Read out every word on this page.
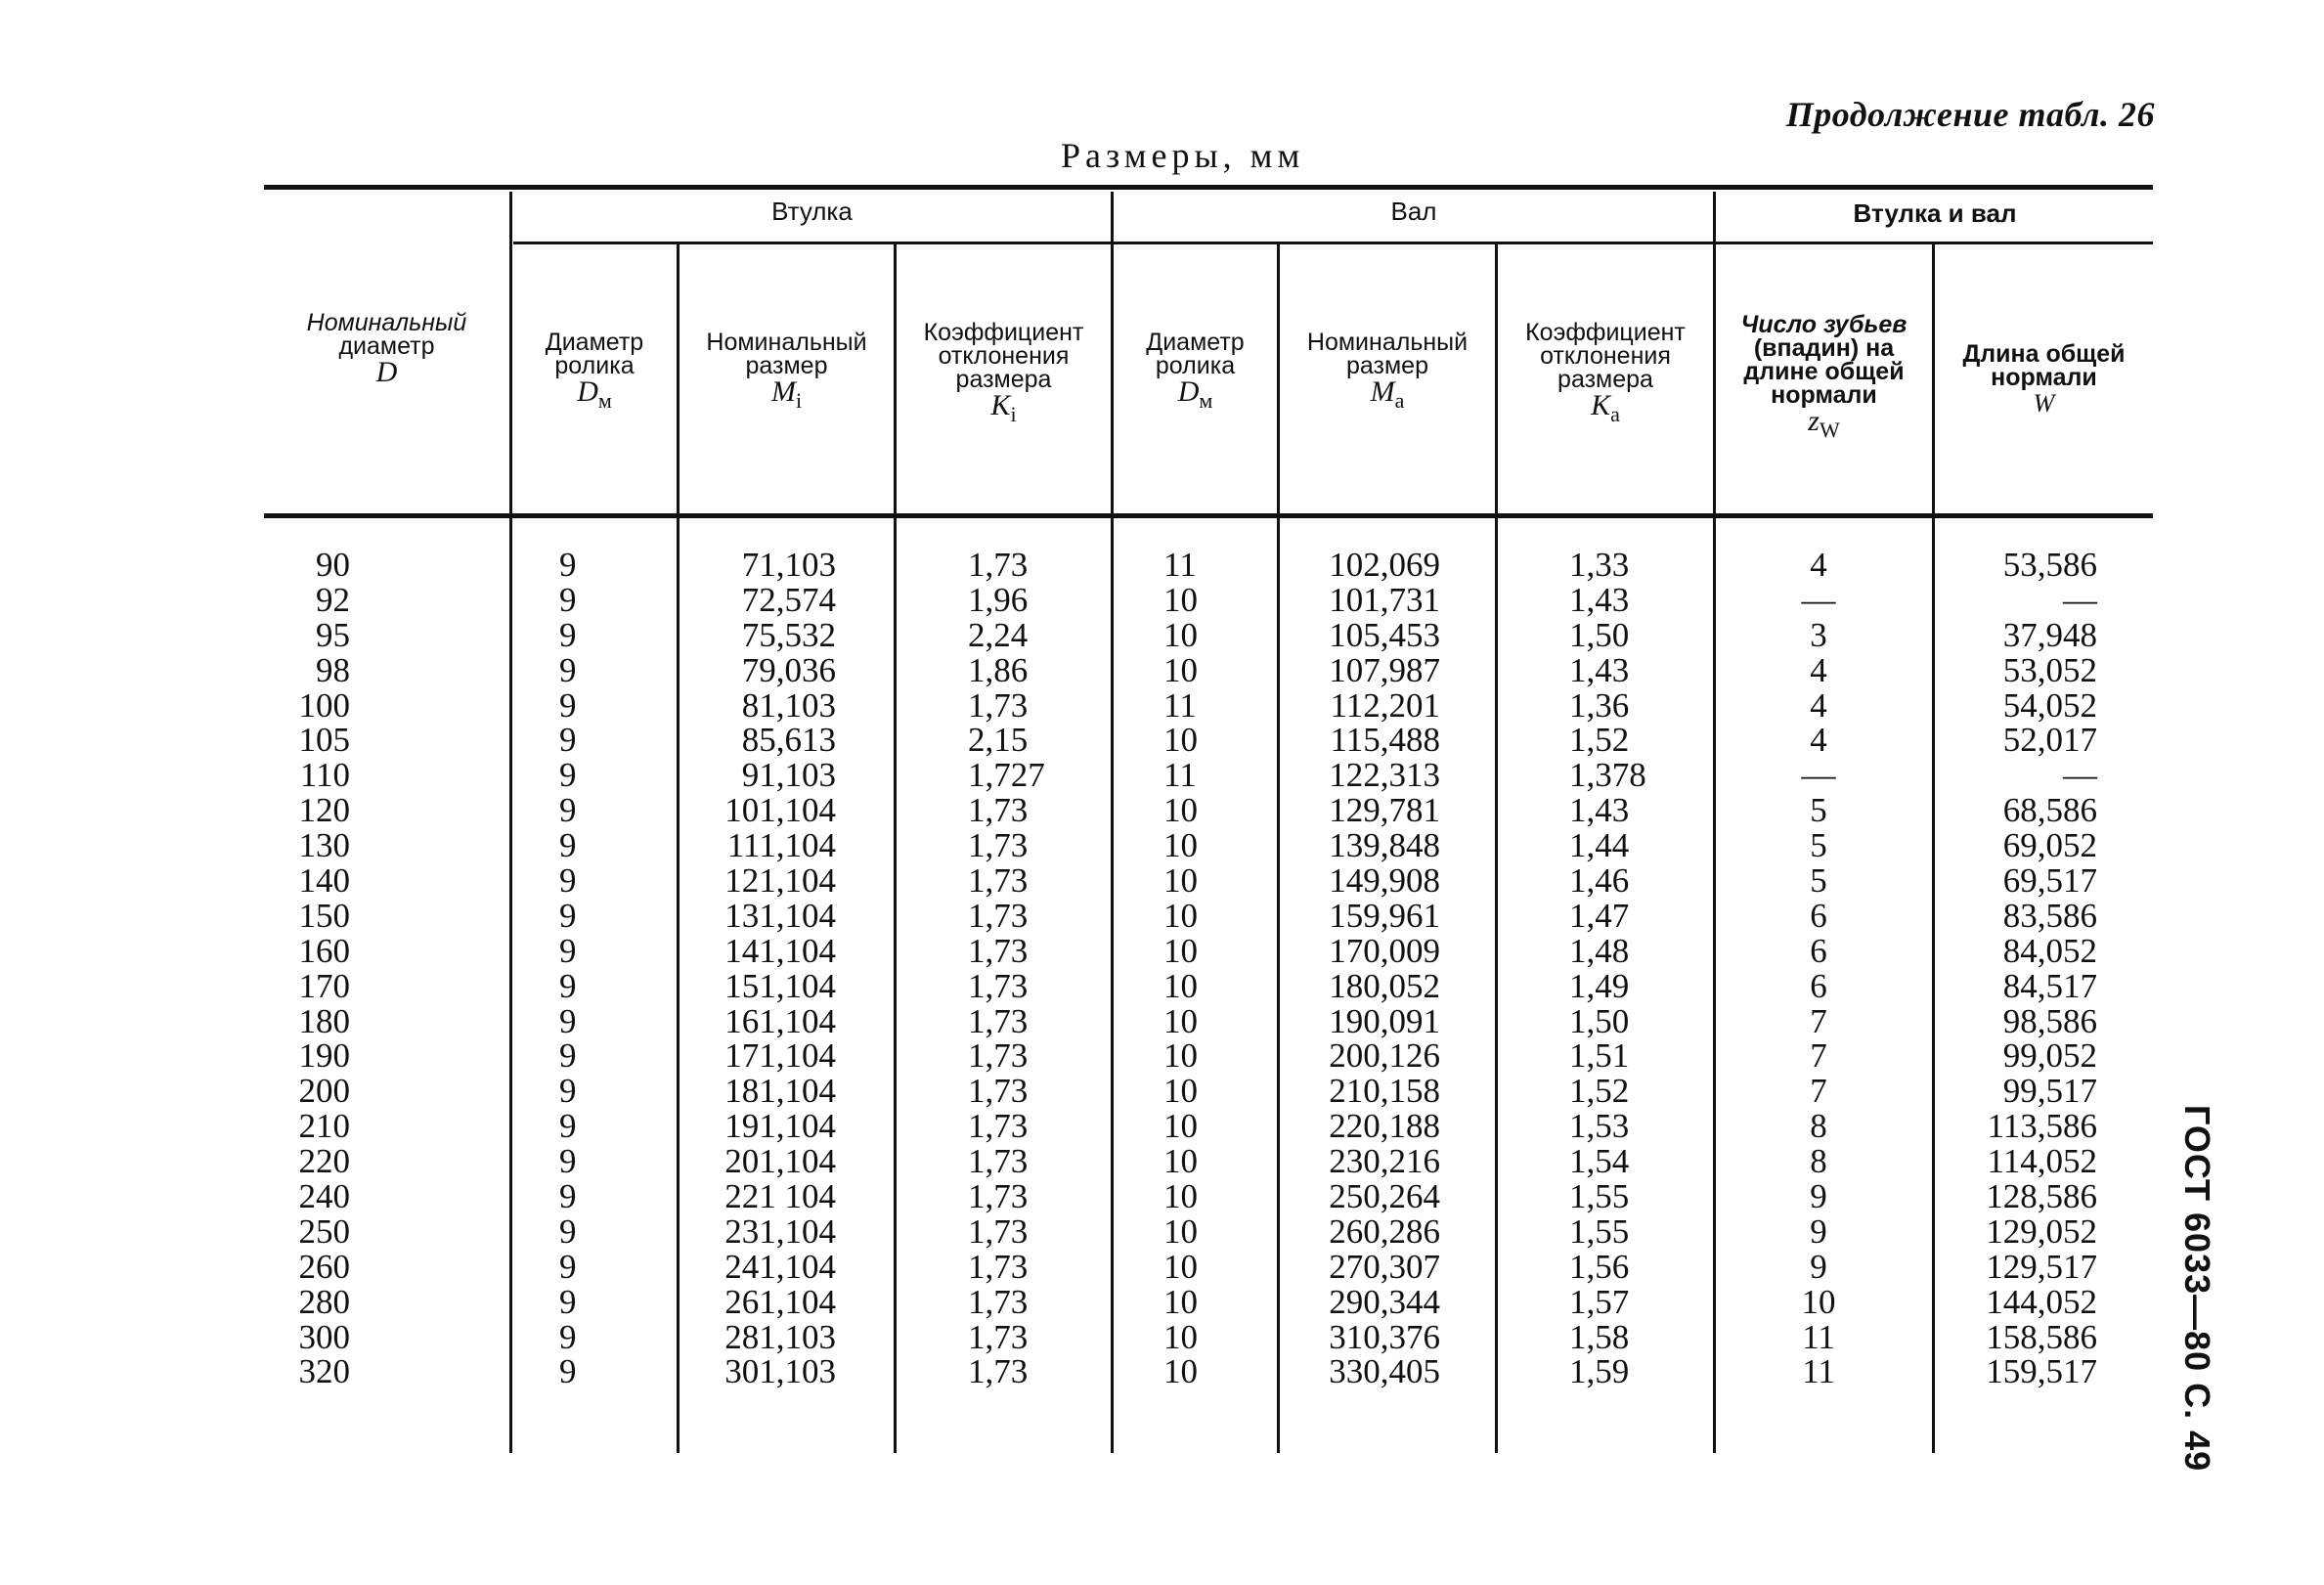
Продолжение табл. 26
Размеры, мм
ГОСТ 6033—80 С. 49
Втулка	Вал	Втулка и вал
Номинальный
диаметр
D
Диаметр
ролика
$D_м$
Номинальный
размер
$M_i$
Коэффициент
отклонения
размера
$K_i$
Диаметр
ролика
$D_м$
Номинальный
размер
$M_a$
Коэффициент
отклонения
размера
$K_a$
Число зубьев
(впадин) на
длине общей
нормали
$z_W$
Длина общей
нормали
W
90
92
95
98
100
105
110
120
130
140
150
160
170
180
190
200
210
220
240
250
260
280
300
320
9
9
9
9
9
9
9
9
9
9
9
9
9
9
9
9
9
9
9
9
9
9
9
9
71,103
72,574
75,532
79,036
81,103
85,613
91,103
101,104
111,104
121,104
131,104
141,104
151,104
161,104
171,104
181,104
191,104
201,104
221 104
231,104
241,104
261,104
281,103
301,103
1,73
1,96
2,24
1,86
1,73
2,15
1,727
1,73
1,73
1,73
1,73
1,73
1,73
1,73
1,73
1,73
1,73
1,73
1,73
1,73
1,73
1,73
1,73
1,73
11
10
10
10
11
10
11
10
10
10
10
10
10
10
10
10
10
10
10
10
10
10
10
10
102,069
101,731
105,453
107,987
112,201
115,488
122,313
129,781
139,848
149,908
159,961
170,009
180,052
190,091
200,126
210,158
220,188
230,216
250,264
260,286
270,307
290,344
310,376
330,405
1,33
1,43
1,50
1,43
1,36
1,52
1,378
1,43
1,44
1,46
1,47
1,48
1,49
1,50
1,51
1,52
1,53
1,54
1,55
1,55
1,56
1,57
1,58
1,59
4
—
3
4
4
4
—
5
5
5
6
6
6
7
7
7
8
8
9
9
9
10
11
11
53,586
—
37,948
53,052
54,052
52,017
—
68,586
69,052
69,517
83,586
84,052
84,517
98,586
99,052
99,517
113,586
114,052
128,586
129,052
129,517
144,052
158,586
159,517
